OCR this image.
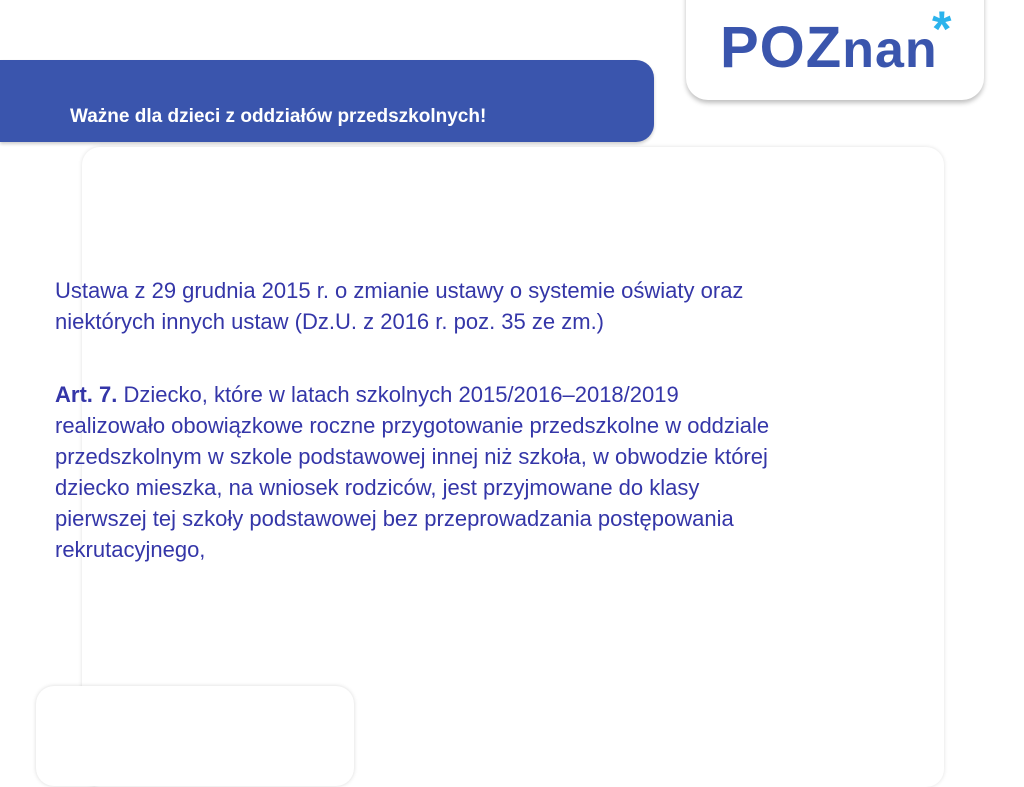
POZnan
*
Ważne dla dzieci z oddziałów przedszkolnych!
Ustawa z 29 grudnia 2015 r. o zmianie ustawy o systemie oświaty oraz
niektórych innych ustaw (Dz.U. z 2016 r. poz. 35 ze zm.)
Art. 7. Dziecko, które w latach szkolnych 2015/2016–2018/2019
realizowało obowiązkowe roczne przygotowanie przedszkolne w oddziale
przedszkolnym w szkole podstawowej innej niż szkoła, w obwodzie której
dziecko mieszka, na wniosek rodziców, jest przyjmowane do klasy
pierwszej tej szkoły podstawowej bez przeprowadzania postępowania
rekrutacyjnego,
